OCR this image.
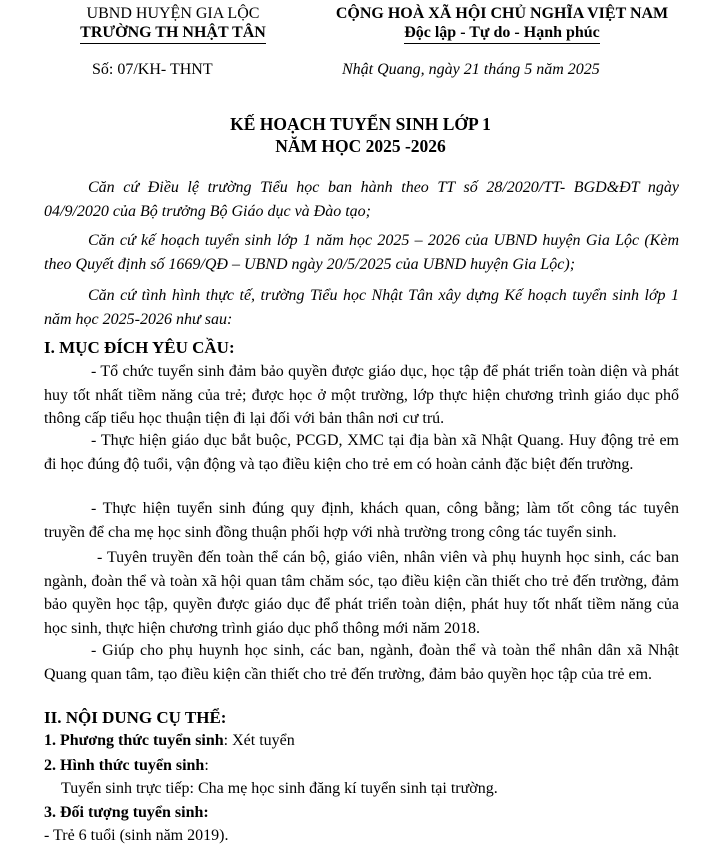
UBND HUYỆN GIA LỘC
TRƯỜNG TH NHẬT TÂN
CỘNG HOÀ XÃ HỘI CHỦ NGHĨA VIỆT NAM
Độc lập - Tự do - Hạnh phúc
Số: 07/KH- THNT	Nhật Quang, ngày 21 tháng 5 năm 2025
KẾ HOẠCH TUYỂN SINH LỚP 1
NĂM HỌC 2025 -2026

Căn cứ Điều lệ trường Tiểu học ban hành theo TT số 28/2020/TT- BGD&ĐT ngày 04/9/2020 của Bộ trưởng Bộ Giáo dục và Đào tạo;

Căn cứ kế hoạch tuyển sinh lớp 1 năm học 2025 – 2026 của UBND huyện Gia Lộc (Kèm theo Quyết định số 1669/QĐ – UBND ngày 20/5/2025 của UBND huyện Gia Lộc);

Căn cứ tình hình thực tế, trường Tiểu học Nhật Tân xây dựng Kế hoạch tuyển sinh lớp 1 năm học 2025-2026 như sau:

I. MỤC ĐÍCH YÊU CẦU:

- Tổ chức tuyển sinh đảm bảo quyền được giáo dục, học tập để phát triển toàn diện và phát huy tốt nhất tiềm năng của trẻ; được học ở một trường, lớp thực hiện chương trình giáo dục phổ thông cấp tiểu học thuận tiện đi lại đối với bản thân nơi cư trú.

- Thực hiện giáo dục bắt buộc, PCGD, XMC tại địa bàn xã Nhật Quang. Huy động trẻ em đi học đúng độ tuổi, vận động và tạo điều kiện cho trẻ em có hoàn cảnh đặc biệt đến trường.

- Thực hiện tuyển sinh đúng quy định, khách quan, công bằng; làm tốt công tác tuyên truyền để cha mẹ học sinh đồng thuận phối hợp với nhà trường trong công tác tuyển sinh.

- Tuyên truyền đến toàn thể cán bộ, giáo viên, nhân viên và phụ huynh học sinh, các ban ngành, đoàn thể và toàn xã hội quan tâm chăm sóc, tạo điều kiện cần thiết cho trẻ đến trường, đảm bảo quyền học tập, quyền được giáo dục để phát triển toàn diện, phát huy tốt nhất tiềm năng của học sinh, thực hiện chương trình giáo dục phổ thông mới năm 2018.

- Giúp cho phụ huynh học sinh, các ban, ngành, đoàn thể và toàn thể nhân dân xã Nhật Quang quan tâm, tạo điều kiện cần thiết cho trẻ đến trường, đảm bảo quyền học tập của trẻ em.

II. NỘI DUNG CỤ THỂ:
1. Phương thức tuyển sinh: Xét tuyển
2. Hình thức tuyển sinh:
Tuyển sinh trực tiếp: Cha mẹ học sinh đăng kí tuyển sinh tại trường.
3. Đối tượng tuyển sinh:
- Trẻ 6 tuổi (sinh năm 2019).
